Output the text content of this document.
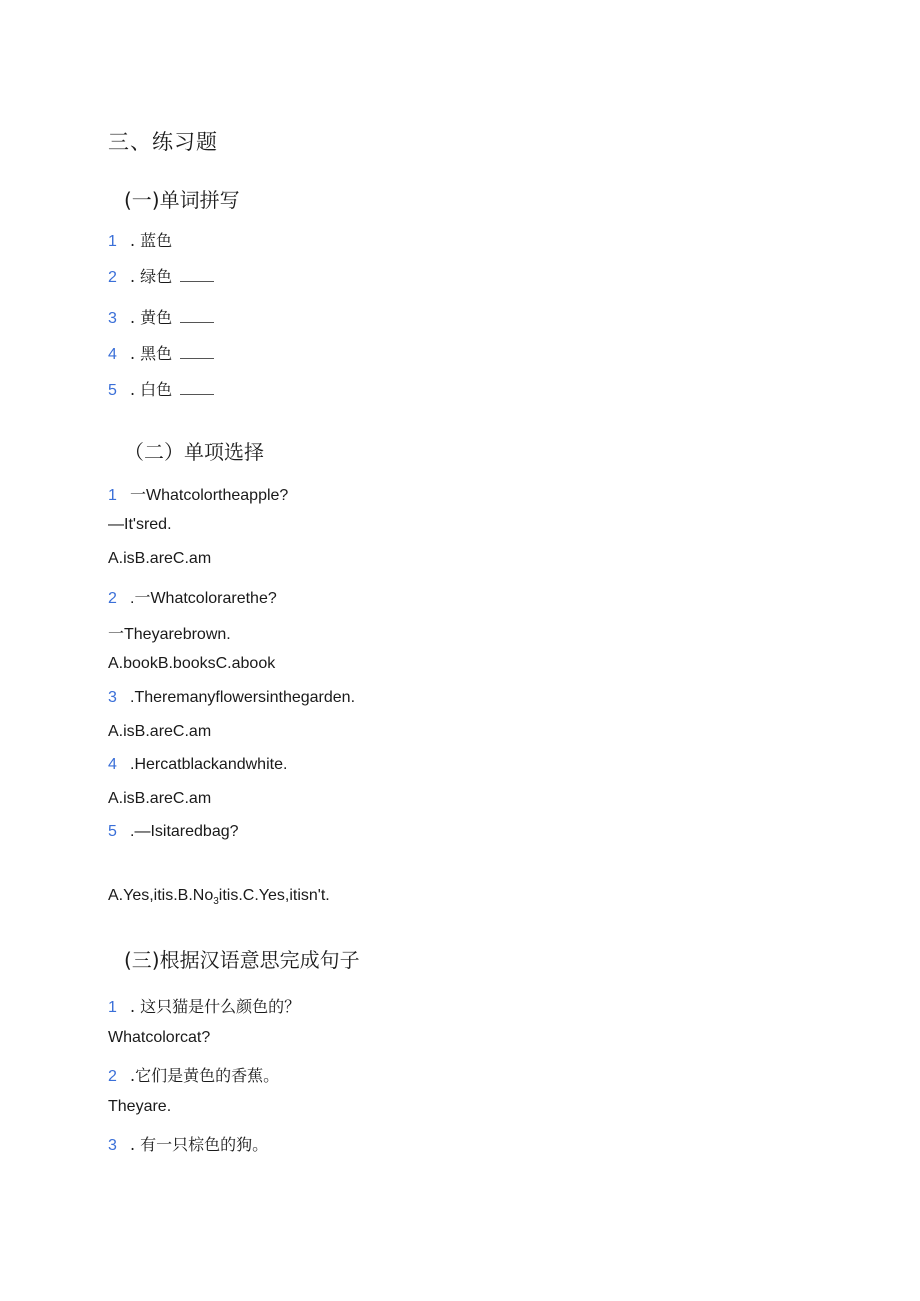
三、练习题
(一)单词拼写
1 . 蓝色
2 . 绿色
3 . 黄色
4 . 黑色
5 . 白色
（二）单项选择
1 一Whatcolortheapple?
—It'sred.
A.isB.areC.am
2 .一Whatcolorarethe?
一Theyarebrown.
A.bookB.booksC.abook
3 .Theremanyflowersinthegarden.
A.isB.areC.am
4 .Hercatblackandwhite.
A.isB.areC.am
5 .—Isitaredbag?
$A.Yes,itis.B.No_3itis.C.Yes,itisn't$.
(三)根据汉语意思完成句子
1 . 这只猫是什么颜色的？
Whatcolorcat?
2 .它们是黄色的香蕉。
Theyare.
3 . 有一只棕色的狗。
